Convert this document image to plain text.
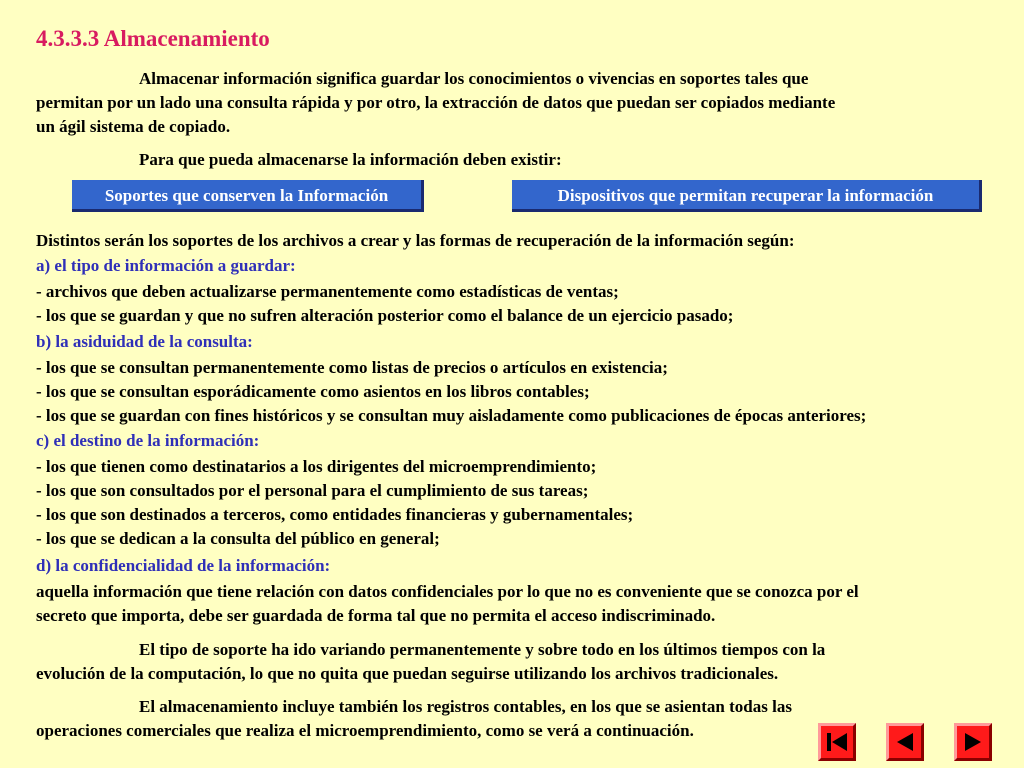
4.3.3.3 Almacenamiento
Almacenar información significa guardar los conocimientos o vivencias en soportes tales que
permitan por un lado una consulta rápida y por otro, la extracción de datos que puedan ser copiados mediante
un ágil sistema de copiado.
Para que pueda almacenarse la información deben existir:
Soportes que conserven la Información	Dispositivos que permitan recuperar la información
Distintos serán los soportes de los archivos a crear y las formas de recuperación de la información según:
a) el tipo de información a guardar:
- archivos que deben actualizarse permanentemente como estadísticas de ventas;
- los que se guardan y que no sufren alteración posterior como el balance de un ejercicio pasado;
b) la asiduidad de la consulta:
- los que se consultan permanentemente como listas de precios o artículos en existencia;
- los que se consultan esporádicamente como asientos en los libros contables;
- los que se guardan con fines históricos y se consultan muy aisladamente como publicaciones de épocas anteriores;
c) el destino de la información:
- los que tienen como destinatarios a los dirigentes del microemprendimiento;
- los que son consultados por el personal para el cumplimiento de sus tareas;
- los que son destinados a terceros, como entidades financieras y gubernamentales;
- los que se dedican a la consulta del público en general;
d) la confidencialidad de la información:
aquella información que tiene relación con datos confidenciales por lo que no es conveniente que se conozca por el
secreto que importa, debe ser guardada de forma tal que no permita el acceso indiscriminado.
El tipo de soporte ha ido variando permanentemente y sobre todo en los últimos tiempos con la
evolución de la computación, lo que no quita que puedan seguirse utilizando los archivos tradicionales.
El almacenamiento incluye también los registros contables, en los que se asientan todas las
operaciones comerciales que realiza el microemprendimiento, como se verá a continuación.
